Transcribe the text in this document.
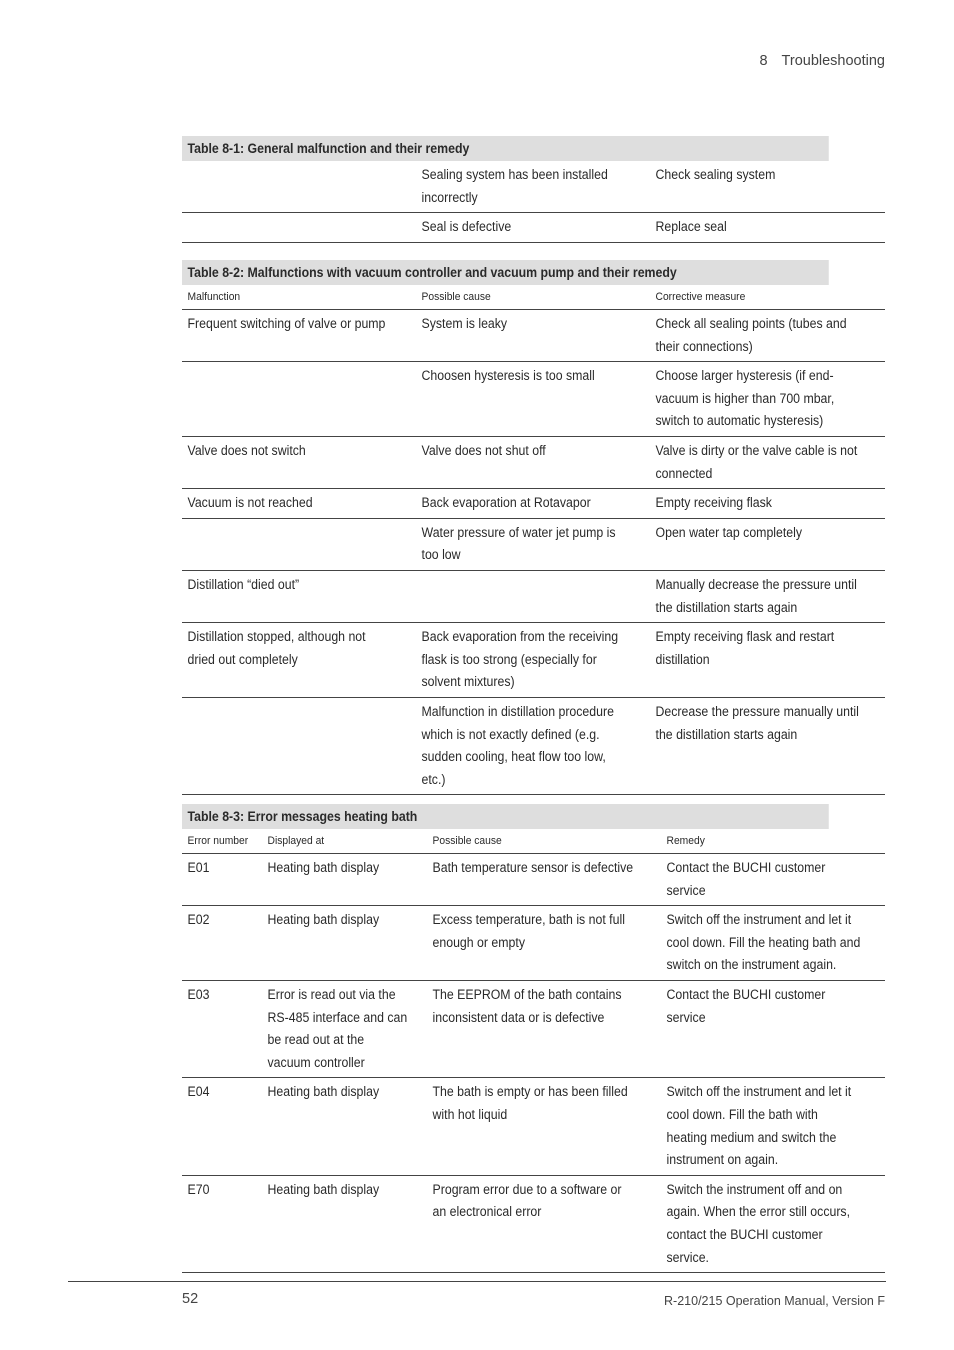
8 Troubleshooting
Table 8-1: General malfunction and their remedy		
	Sealing system has been installed incorrectly	Check sealing system
	Seal is defective	Replace seal
Table 8-2: Malfunctions with vacuum controller and vacuum pump and their remedy		
Malfunction	Possible cause	Corrective measure
Frequent switching of valve or pump	System is leaky	Check all sealing points (tubes and their connections)
	Choosen hysteresis is too small	Choose larger hysteresis (if end-vacuum is higher than 700 mbar, switch to automatic hysteresis)
Valve does not switch	Valve does not shut off	Valve is dirty or the valve cable is not connected
Vacuum is not reached	Back evaporation at Rotavapor	Empty receiving flask
	Water pressure of water jet pump is too low	Open water tap completely
Distillation “died out”		Manually decrease the pressure until the distillation starts again
Distillation stopped, although not dried out completely	Back evaporation from the receiving flask is too strong (especially for solvent mixtures)	Empty receiving flask and restart distillation
	Malfunction in distillation procedure which is not exactly defined (e.g. sudden cooling, heat flow too low, etc.)	Decrease the pressure manually until the distillation starts again
Table 8-3: Error messages heating bath			
Error number	Displayed at	Possible cause	Remedy
E01	Heating bath display	Bath temperature sensor is defective	Contact the BUCHI customer service
E02	Heating bath display	Excess temperature, bath is not full enough or empty	Switch off the instrument and let it cool down. Fill the heating bath and switch on the instrument again.
E03	Error is read out via the RS-485 interface and can be read out at the vacuum controller	The EEPROM of the bath contains inconsistent data or is defective	Contact the BUCHI customer service
E04	Heating bath display	The bath is empty or has been filled with hot liquid	Switch off the instrument and let it cool down. Fill the bath with heating medium and switch the instrument on again.
E70	Heating bath display	Program error due to a software or an electronical error	Switch the instrument off and on again. When the error still occurs, contact the BUCHI customer service.
52	R-210/215 Operation Manual, Version F
